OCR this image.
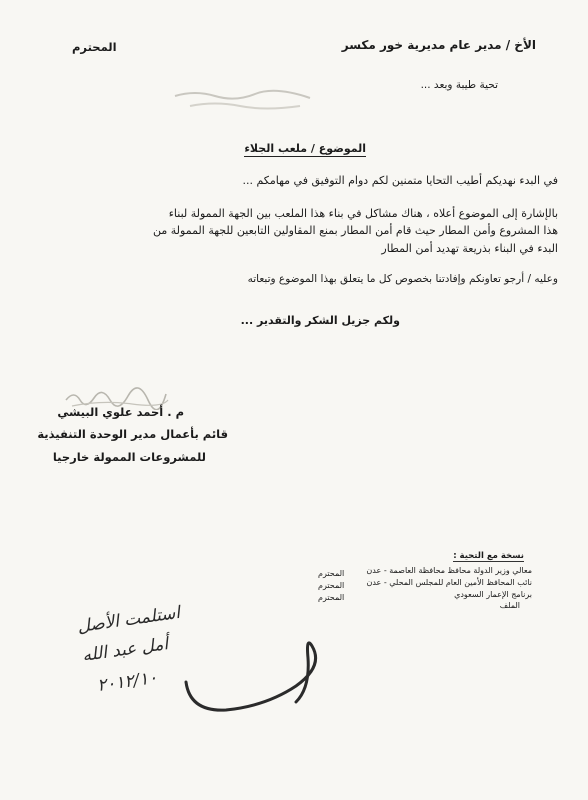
الأخ / مدير عام مديرية خور مكسر
المحترم
تحية طيبة وبعد ...
الموضوع / ملعب الجلاء
في البدء نهديكم أطيب التحايا متمنين لكم دوام التوفيق في مهامكم ...
بالإشارة إلى الموضوع أعلاه ، هناك مشاكل في بناء هذا الملعب بين الجهة الممولة لبناء
هذا المشروع وأمن المطار حيث قام أمن المطار بمنع المقاولين التابعين للجهة الممولة من
البدء في البناء بذريعة تهديد أمن المطار
وعليه / أرجو تعاونكم وإفادتنا بخصوص كل ما يتعلق بهذا الموضوع وتبعاته
ولكم جزيل الشكر والتقدير ...
م . أحمد علوي البيشي
قائم بأعمال مدير الوحدة التنفيذية
للمشروعات الممولة خارجيا
نسخة مع التحية :
معالي وزير الدولة محافظ محافظة العاصمة - عدن
نائب المحافظ الأمين العام للمجلس المحلي - عدن
برنامج الإعمار السعودي
الملف
المحترم
المحترم
المحترم
استلمت الأصل
أمل عبد الله
٢٠١٢/١٠
